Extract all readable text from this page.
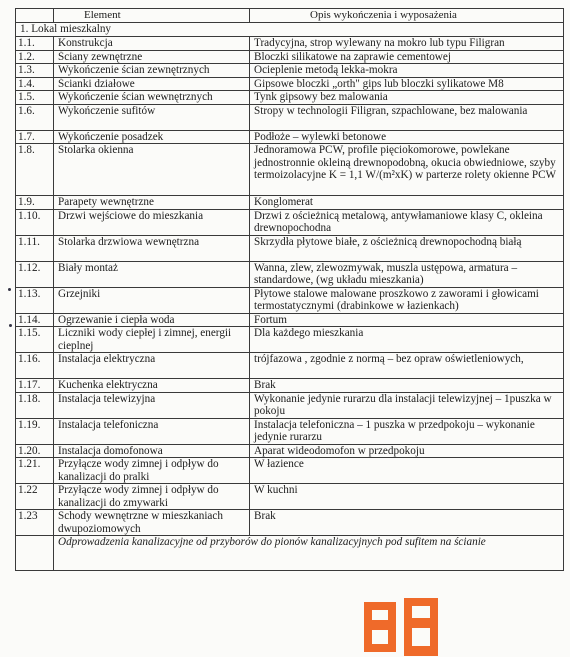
	Element	Opis wykończenia i wyposażenia
1. Lokal mieszkalny		
1.1.	Konstrukcja	Tradycyjna, strop wylewany na mokro lub typu Filigran
1.2.	Ściany zewnętrzne	Bloczki silikatowe na zaprawie cementowej
1.3.	Wykończenie ścian zewnętrznych	Ocieplenie metodą lekka-mokra
1.4.	Ścianki działowe	Gipsowe bloczki „orth" gips lub bloczki sylikatowe M8
1.5.	Wykończenie ścian wewnętrznych	Tynk gipsowy bez malowania
1.6.	Wykończenie sufitów	Stropy w technologii Filigran, szpachlowane, bez malowania
1.7.	Wykończenie posadzek	Podłoże – wylewki betonowe
1.8.	Stolarka okienna	Jednoramowa PCW, profile pięciokomorowe, powlekane jednostronnie okleiną drewnopodobną, okucia obwiedniowe, szyby termoizolacyjne K = 1,1 W/(m²xK) w parterze rolety okienne PCW
1.9.	Parapety wewnętrzne	Konglomerat
1.10.	Drzwi wejściowe do mieszkania	Drzwi z ościeżnicą metalową, antywłamaniowe klasy C, okleina drewnopochodna
1.11.	Stolarka drzwiowa wewnętrzna	Skrzydła płytowe białe, z ościeżnicą drewnopochodną białą
1.12.	Biały montaż	Wanna, zlew, zlewozmywak, muszla ustępowa, armatura – standardowe, (wg układu mieszkania)
1.13.	Grzejniki	Płytowe stalowe malowane proszkowo z zaworami i głowicami termostatycznymi (drabinkowe w łazienkach)
1.14.	Ogrzewanie i ciepła woda	Fortum
1.15.	Liczniki wody ciepłej i zimnej, energii cieplnej	Dla każdego mieszkania
1.16.	Instalacja elektryczna	trójfazowa , zgodnie z normą – bez opraw oświetleniowych,
1.17.	Kuchenka elektryczna	Brak
1.18.	Instalacja telewizyjna	Wykonanie jedynie rurarzu dla instalacji telewizyjnej – 1puszka w pokoju
1.19.	Instalacja telefoniczna	Instalacja telefoniczna – 1 puszka w przedpokoju – wykonanie jedynie rurarzu
1.20.	Instalacja domofonowa	Aparat wideodomofon w przedpokoju
1.21.	Przyłącze wody zimnej i odpływ do kanalizacji do pralki	W łazience
1.22	Przyłącze wody zimnej i odpływ do kanalizacji do zmywarki	W kuchni
1.23	Schody wewnętrzne w mieszkaniach dwupoziomowych	Brak
	Odprowadzenia kanalizacyjne od przyborów do pionów kanalizacyjnych pod sufitem na ścianie	
